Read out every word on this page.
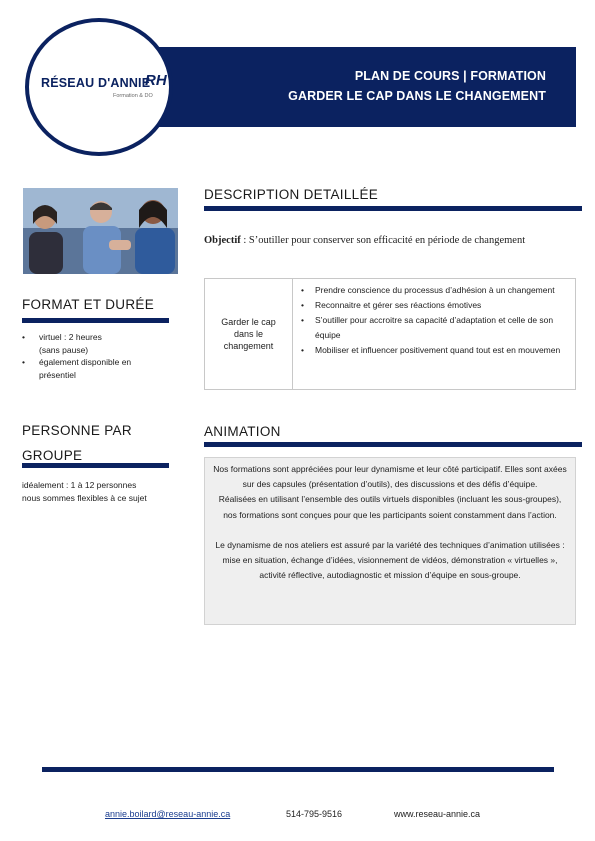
PLAN DE COURS | FORMATION
GARDER LE CAP DANS LE CHANGEMENT
RÉSEAU D'ANNIE
RH
Formation & DO
FORMAT ET DURÉE
• virtuel : 2 heures
(sans pause)
• également disponible en
présentiel
PERSONNE PAR
GROUPE
idéalement : 1 à 12 personnes
nous sommes flexibles à ce sujet
DESCRIPTION DETAILLÉE
Objectif : S’outiller pour conserver son efficacité en période de changement
Garder le cap dans le changement
• Prendre conscience du processus d’adhésion à un changement
• Reconnaitre et gérer ses réactions émotives
• S’outiller pour accroitre sa capacité d’adaptation et celle de son équipe
• Mobiliser et influencer positivement quand tout est en mouvemen
ANIMATION

Nos formations sont appréciées pour leur dynamisme et leur côté participatif. Elles sont axées sur des capsules (présentation d’outils), des discussions et des défis d’équipe.

Réalisées en utilisant l’ensemble des outils virtuels disponibles (incluant les sous-groupes), nos formations sont conçues pour que les participants soient constamment dans l’action.

Le dynamisme de nos ateliers est assuré par la variété des techniques d’animation utilisées : mise en situation, échange d’idées, visionnement de vidéos, démonstration « virtuelles », activité réflective, autodiagnostic et mission d’équipe en sous-groupe.

annie.boilard@reseau-annie.ca	514-795-9516	www.reseau-annie.ca
